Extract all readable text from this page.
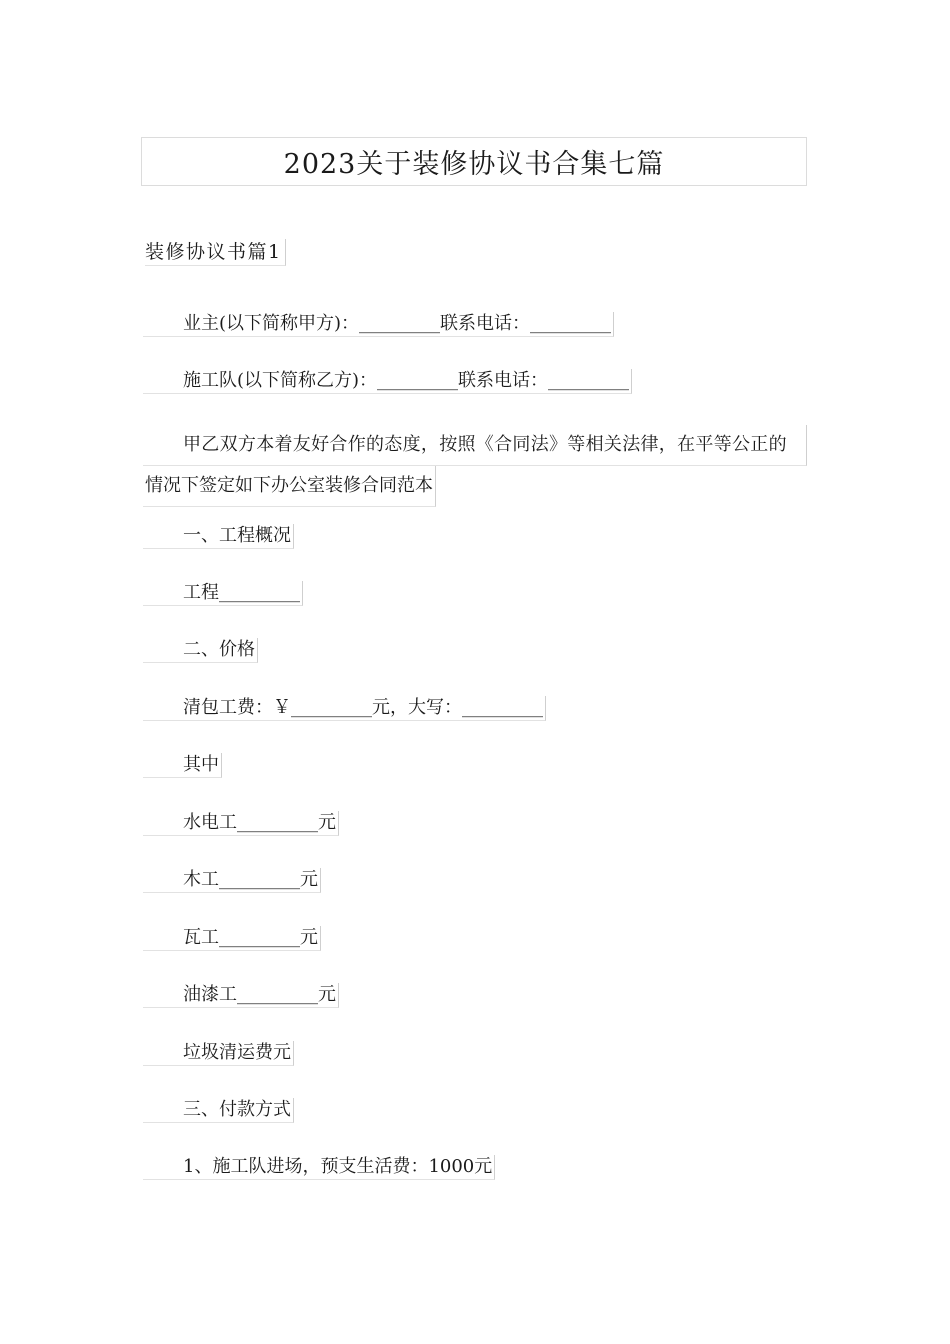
2023关于装修协议书合集七篇
装修协议书篇1
业主(以下简称甲方)：_________联系电话：_________
施工队(以下简称乙方)：_________联系电话：_________
甲乙双方本着友好合作的态度，按照《合同法》等相关法律，在平等公正的
情况下签定如下办公室装修合同范本
一、工程概况
工程_________
二、价格
清包工费：￥_________元，大写：_________
其中
水电工_________元
木工_________元
瓦工_________元
油漆工_________元
垃圾清运费元
三、付款方式
1、施工队进场，预支生活费：1000元
